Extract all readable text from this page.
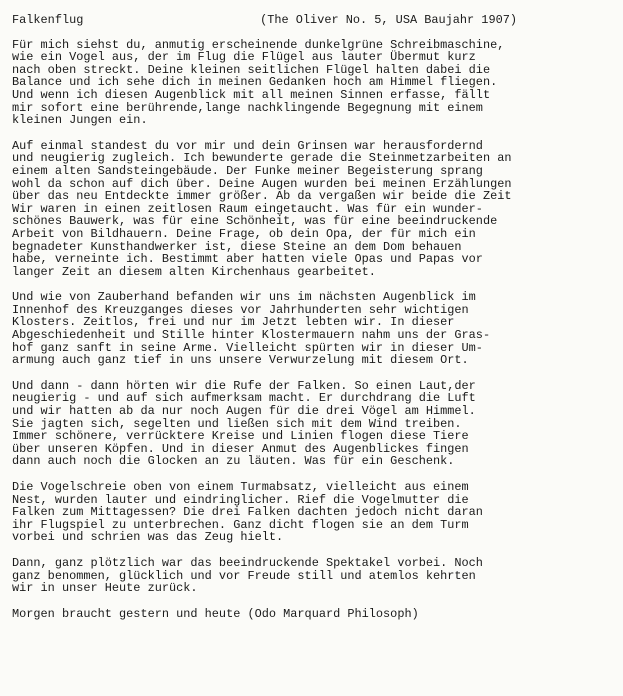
Falkenflug	(The Oliver No. 5, USA Baujahr 1907)
Für mich siehst du, anmutig erscheinende dunkelgrüne Schreibmaschine,
wie ein Vogel aus, der im Flug die Flügel aus lauter Übermut kurz
nach oben streckt. Deine kleinen seitlichen Flügel halten dabei die
Balance und ich sehe dich in meinen Gedanken hoch am Himmel fliegen.
Und wenn ich diesen Augenblick mit all meinen Sinnen erfasse, fällt
mir sofort eine berührende,lange nachklingende Begegnung mit einem
kleinen Jungen ein.
Auf einmal standest du vor mir und dein Grinsen war herausfordernd
und neugierig zugleich. Ich bewunderte gerade die Steinmetzarbeiten an
einem alten Sandsteingebäude. Der Funke meiner Begeisterung sprang
wohl da schon auf dich über. Deine Augen wurden bei meinen Erzählungen
über das neu Entdeckte immer größer. Ab da vergaßen wir beide die Zeit
Wir waren in einen zeitlosen Raum eingetaucht. Was für ein wunder-
schönes Bauwerk, was für eine Schönheit, was für eine beeindruckende
Arbeit von Bildhauern. Deine Frage, ob dein Opa, der für mich ein
begnadeter Kunsthandwerker ist, diese Steine an dem Dom behauen
habe, verneinte ich. Bestimmt aber hatten viele Opas und Papas vor
langer Zeit an diesem alten Kirchenhaus gearbeitet.
Und wie von Zauberhand befanden wir uns im nächsten Augenblick im
Innenhof des Kreuzganges dieses vor Jahrhunderten sehr wichtigen
Klosters. Zeitlos, frei und nur im Jetzt lebten wir. In dieser
Abgeschiedenheit und Stille hinter Klostermauern nahm uns der Gras-
hof ganz sanft in seine Arme. Vielleicht spürten wir in dieser Um-
armung auch ganz tief in uns unsere Verwurzelung mit diesem Ort.
Und dann - dann hörten wir die Rufe der Falken. So einen Laut,der
neugierig - und auf sich aufmerksam macht. Er durchdrang die Luft
und wir hatten ab da nur noch Augen für die drei Vögel am Himmel.
Sie jagten sich, segelten und ließen sich mit dem Wind treiben.
Immer schönere, verrücktere Kreise und Linien flogen diese Tiere
über unseren Köpfen. Und in dieser Anmut des Augenblickes fingen
dann auch noch die Glocken an zu läuten. Was für ein Geschenk.
Die Vogelschreie oben von einem Turmabsatz, vielleicht aus einem
Nest, wurden lauter und eindringlicher. Rief die Vogelmutter die
Falken zum Mittagessen? Die drei Falken dachten jedoch nicht daran
ihr Flugspiel zu unterbrechen. Ganz dicht flogen sie an dem Turm
vorbei und schrien was das Zeug hielt.
Dann, ganz plötzlich war das beeindruckende Spektakel vorbei. Noch
ganz benommen, glücklich und vor Freude still und atemlos kehrten
wir in unser Heute zurück.
Morgen braucht gestern und heute (Odo Marquard Philosoph)
